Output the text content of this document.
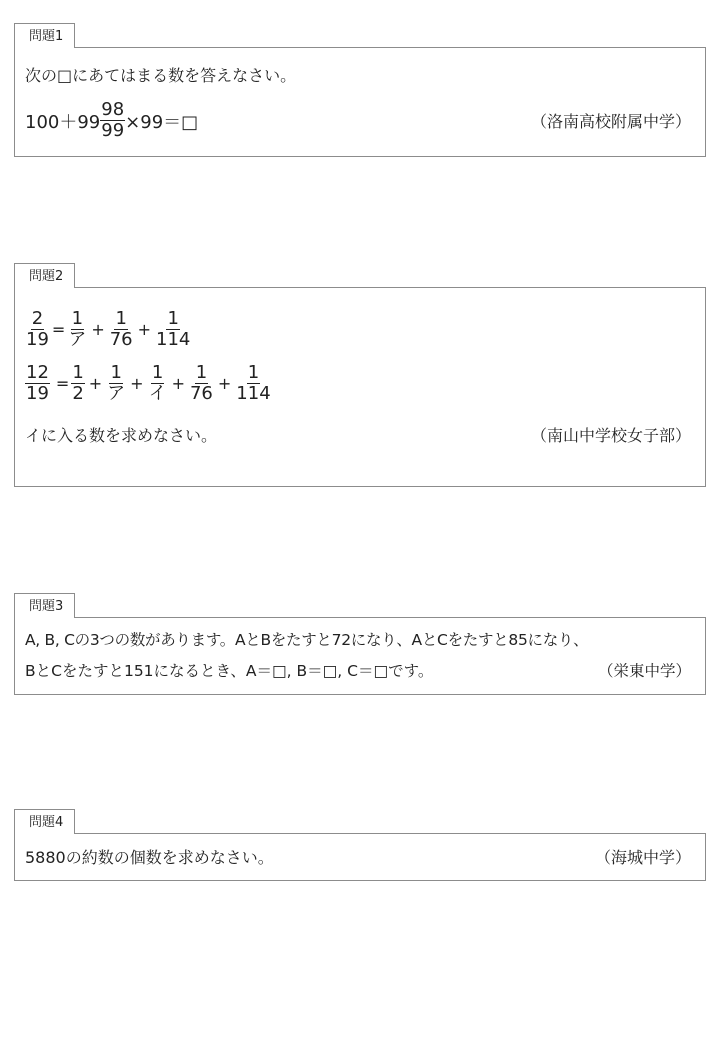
問題1
次の□にあてはまる数を答えなさい。
$100+99 \frac{98}{99}$ ×99＝□	（洛南高校附属中学）
問題2
$\frac{2}{19} = \frac{1}{\text{ア}} + \frac{1}{76} + \frac{1}{114}$
$\frac{12}{19} = \frac{1}{2} + \frac{1}{\text{ア}} + \frac{1}{\text{イ}} + \frac{1}{76} + \frac{1}{114}$
イに入る数を求めなさい。	（南山中学校女子部）
問題3
A, B, Cの3つの数があります。AとBをたすと72になり、AとCをたすと85になり、
BとCをたすと151になるとき、A＝□, B＝□, C＝□です。	（栄東中学）
問題4
5880の約数の個数を求めなさい。	（海城中学）
